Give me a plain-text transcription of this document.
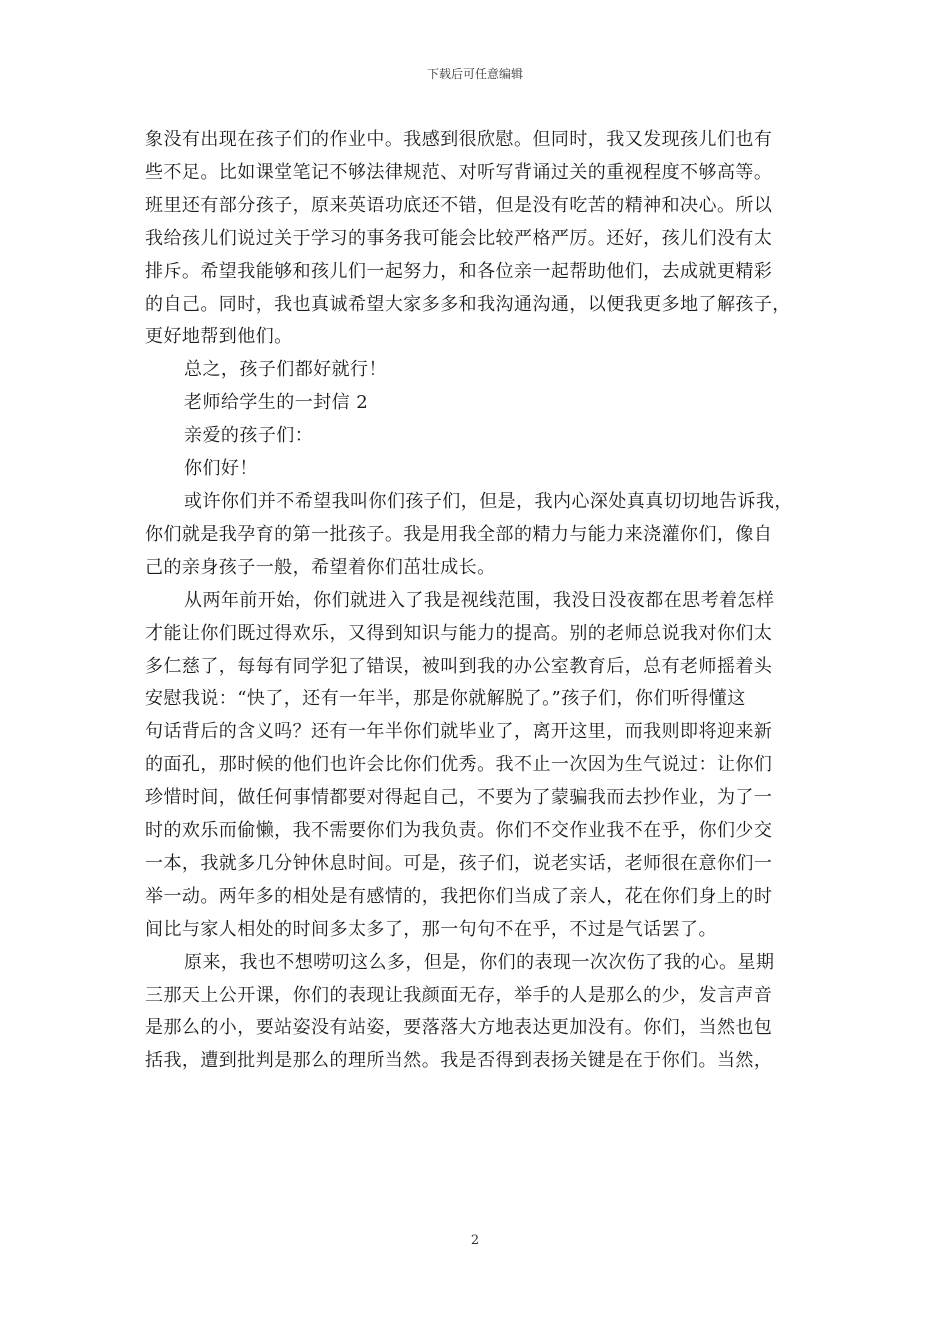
下载后可任意编辑

象没有出现在孩子们的作业中。我感到很欣慰。但同时，我又发现孩儿们也有
些不足。比如课堂笔记不够法律规范、对听写背诵过关的重视程度不够高等。
班里还有部分孩子，原来英语功底还不错，但是没有吃苦的精神和决心。所以
我给孩儿们说过关于学习的事务我可能会比较严格严厉。还好，孩儿们没有太
排斥。希望我能够和孩儿们一起努力，和各位亲一起帮助他们，去成就更精彩
的自己。同时，我也真诚希望大家多多和我沟通沟通，以便我更多地了解孩子，
更好地帮到他们。

总之，孩子们都好就行！

老师给学生的一封信 2

亲爱的孩子们：

你们好！

或许你们并不希望我叫你们孩子们，但是，我内心深处真真切切地告诉我，
你们就是我孕育的第一批孩子。我是用我全部的精力与能力来浇灌你们，像自
己的亲身孩子一般，希望着你们茁壮成长。

从两年前开始，你们就进入了我是视线范围，我没日没夜都在思考着怎样
才能让你们既过得欢乐，又得到知识与能力的提高。别的老师总说我对你们太
多仁慈了，每每有同学犯了错误，被叫到我的办公室教育后，总有老师摇着头
安慰我说：“快了，还有一年半，那是你就解脱了。”孩子们，你们听得懂这
句话背后的含义吗？还有一年半你们就毕业了，离开这里，而我则即将迎来新
的面孔，那时候的他们也许会比你们优秀。我不止一次因为生气说过：让你们
珍惜时间，做任何事情都要对得起自己，不要为了蒙骗我而去抄作业，为了一
时的欢乐而偷懒，我不需要你们为我负责。你们不交作业我不在乎，你们少交
一本，我就多几分钟休息时间。可是，孩子们，说老实话，老师很在意你们一
举一动。两年多的相处是有感情的，我把你们当成了亲人，花在你们身上的时
间比与家人相处的时间多太多了，那一句句不在乎，不过是气话罢了。

原来，我也不想唠叨这么多，但是，你们的表现一次次伤了我的心。星期
三那天上公开课，你们的表现让我颜面无存，举手的人是那么的少，发言声音
是那么的小，要站姿没有站姿，要落落大方地表达更加没有。你们，当然也包
括我，遭到批判是那么的理所当然。我是否得到表扬关键是在于你们。当然，

2
